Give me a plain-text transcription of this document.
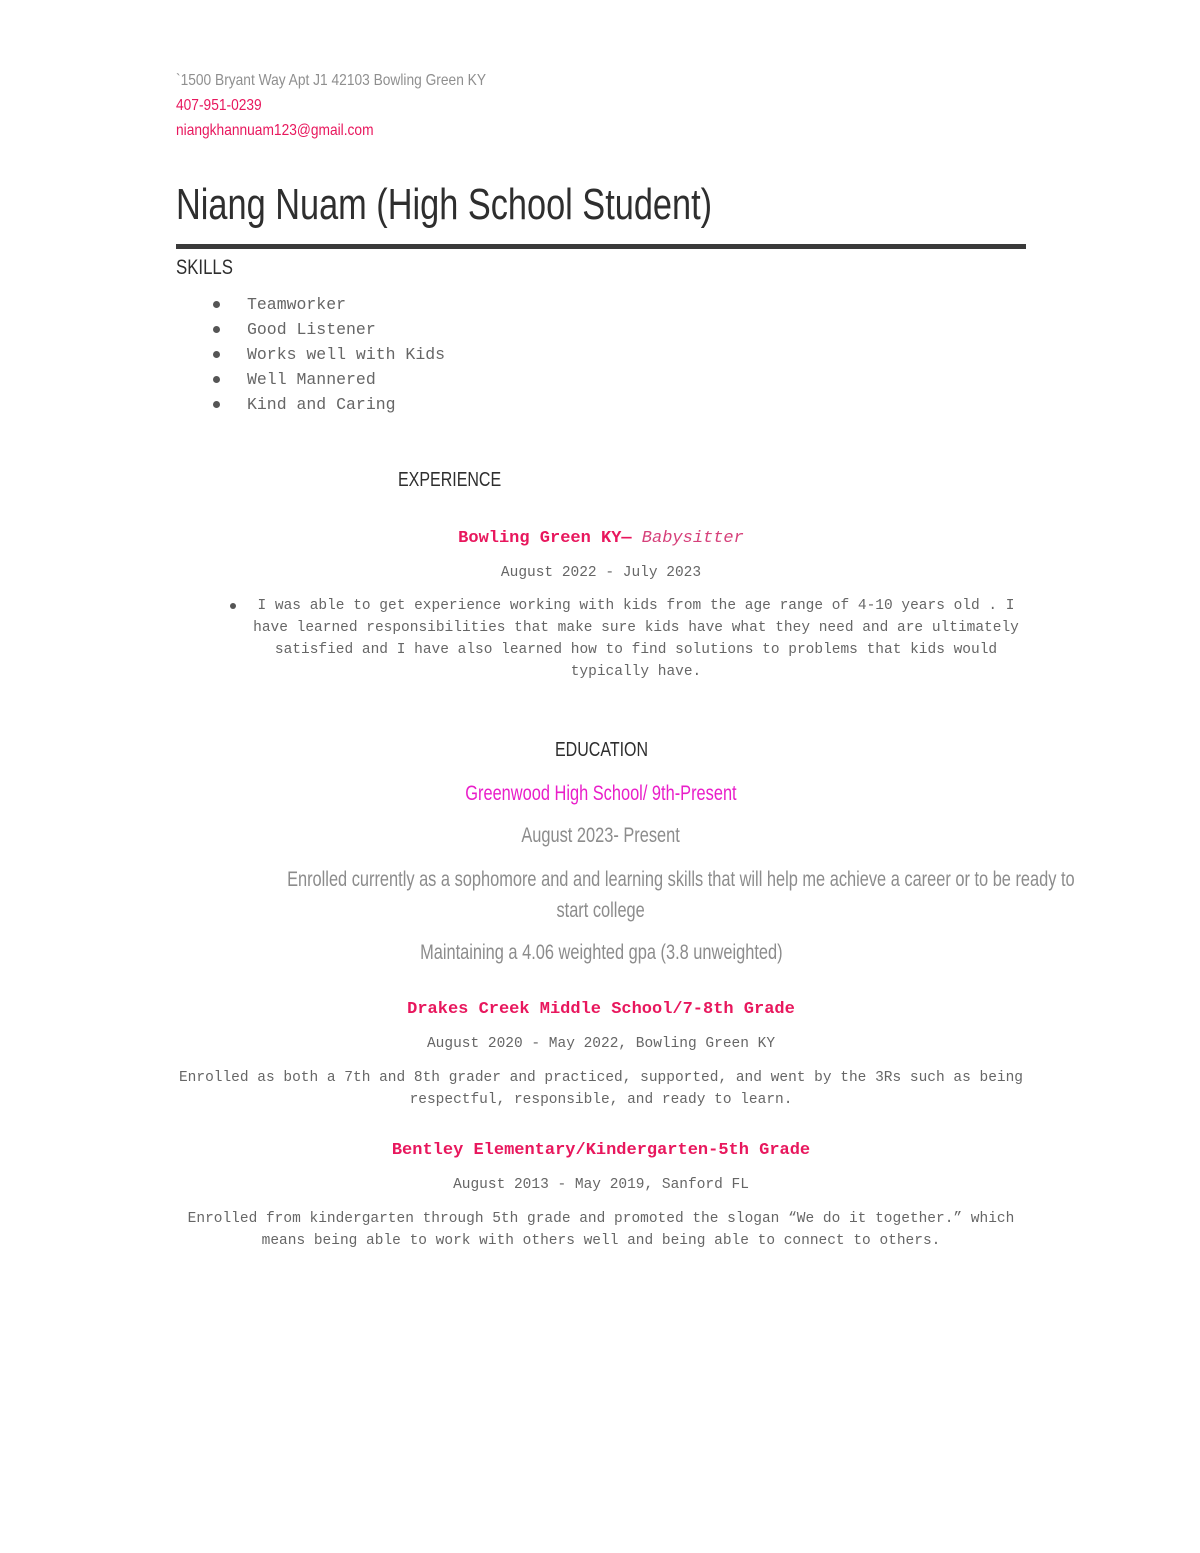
`1500 Bryant Way Apt J1 42103 Bowling Green KY
407-951-0239
niangkhannuam123@gmail.com
Niang Nuam (High School Student)
SKILLS
Teamworker
Good Listener
Works well with Kids
Well Mannered
Kind and Caring
EXPERIENCE
Bowling Green KY— Babysitter
August 2022 - July 2023
I was able to get experience working with kids from the age range of 4-10 years old . I have learned responsibilities that make sure kids have what they need and are ultimately satisfied and I have also learned how to find solutions to problems that kids would typically have.
EDUCATION
Greenwood High School/ 9th-Present
August 2023- Present
Enrolled currently as a sophomore and and learning skills that will help me achieve a career or to be ready to
start college
Maintaining a 4.06 weighted gpa (3.8 unweighted)
Drakes Creek Middle School/7-8th Grade
August 2020 - May 2022, Bowling Green KY
Enrolled as both a 7th and 8th grader and practiced, supported, and went by the 3Rs such as being respectful, responsible, and ready to learn.
Bentley Elementary/Kindergarten-5th Grade
August 2013 - May 2019, Sanford FL
Enrolled from kindergarten through 5th grade and promoted the slogan “We do it together.” which means being able to work with others well and being able to connect to others.
